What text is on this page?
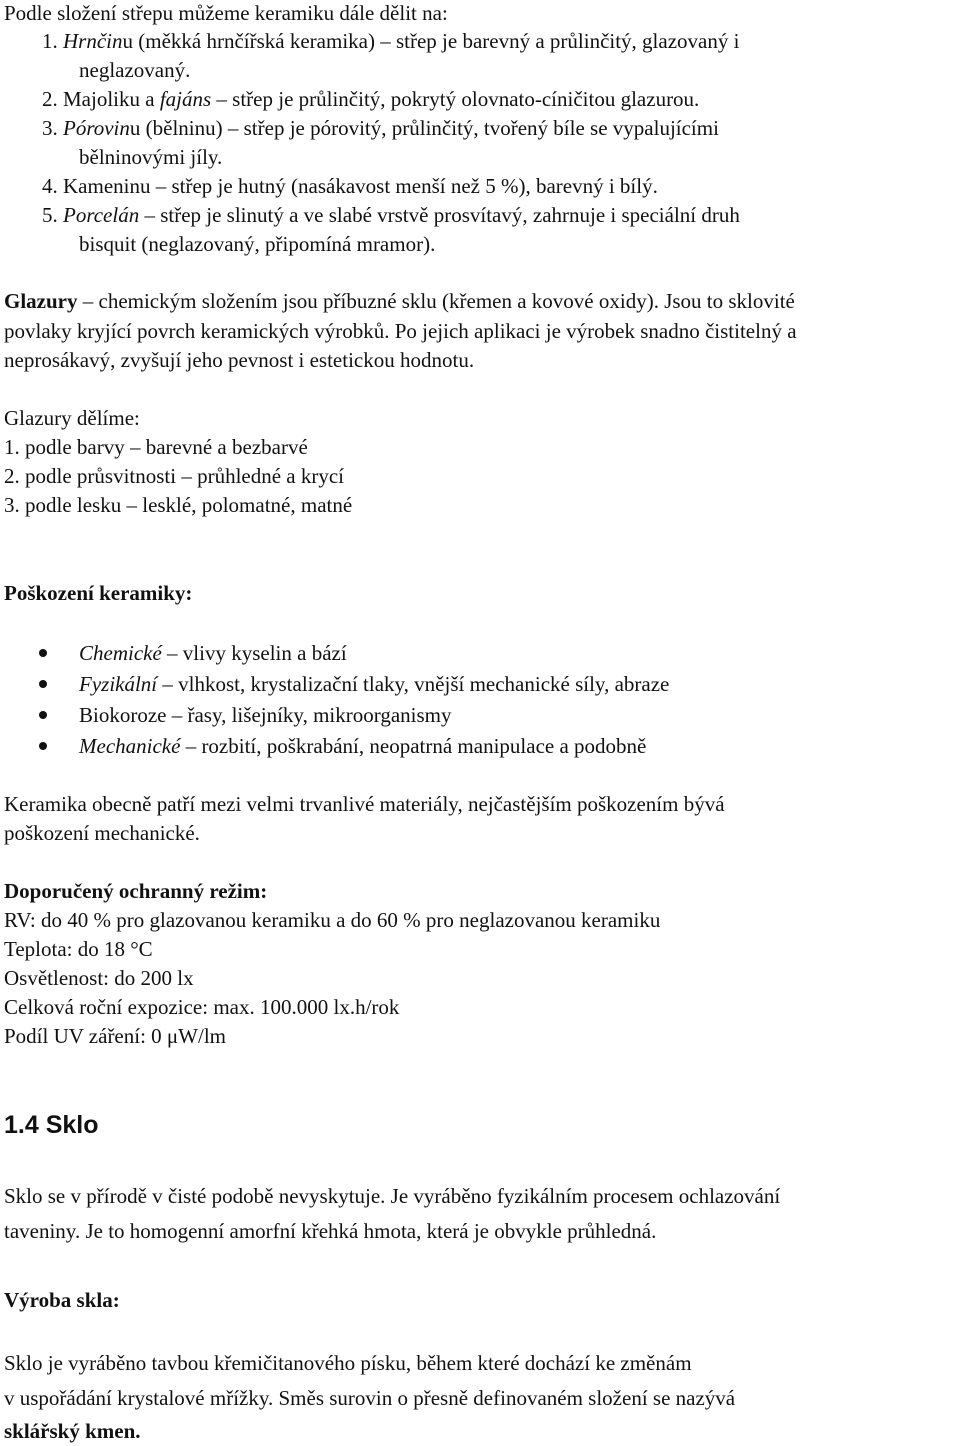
Podle složení střepu můžeme keramiku dále dělit na:
1. Hrnčinu (měkká hrnčířská keramika) – střep je barevný a průlinčitý, glazovaný i
neglazovaný.
2. Majoliku a fajáns – střep je průlinčitý, pokrytý olovnato-cíničitou glazurou.
3. Pórovinu (bělninu) – střep je pórovitý, průlinčitý, tvořený bíle se vypalujícími
bělninovými jíly.
4. Kameninu – střep je hutný (nasákavost menší než 5 %), barevný i bílý.
5. Porcelán – střep je slinutý a ve slabé vrstvě prosvítavý, zahrnuje i speciální druh
bisquit (neglazovaný, připomíná mramor).
Glazury – chemickým složením jsou příbuzné sklu (křemen a kovové oxidy). Jsou to sklovité
povlaky kryjící povrch keramických výrobků. Po jejich aplikaci je výrobek snadno čistitelný a
neprosákavý, zvyšují jeho pevnost i estetickou hodnotu.
Glazury dělíme:
1. podle barvy – barevné a bezbarvé
2. podle průsvitnosti – průhledné a krycí
3. podle lesku – lesklé, polomatné, matné
Poškození keramiky:
Chemické – vlivy kyselin a bází
Fyzikální – vlhkost, krystalizační tlaky, vnější mechanické síly, abraze
Biokoroze – řasy, lišejníky, mikroorganismy
Mechanické – rozbití, poškrabání, neopatrná manipulace a podobně
Keramika obecně patří mezi velmi trvanlivé materiály, nejčastějším poškozením bývá
poškození mechanické.
Doporučený ochranný režim:
RV: do 40 % pro glazovanou keramiku a do 60 % pro neglazovanou keramiku
Teplota: do 18 °C
Osvětlenost: do 200 lx
Celková roční expozice: max. 100.000 lx.h/rok
Podíl UV záření: 0 μW/lm
1.4 Sklo
Sklo se v přírodě v čisté podobě nevyskytuje. Je vyráběno fyzikálním procesem ochlazování
taveniny. Je to homogenní amorfní křehká hmota, která je obvykle průhledná.
Výroba skla:
Sklo je vyráběno tavbou křemičitanového písku, během které dochází ke změnám
v uspořádání krystalové mřížky. Směs surovin o přesně definovaném složení se nazývá
sklářský kmen.
